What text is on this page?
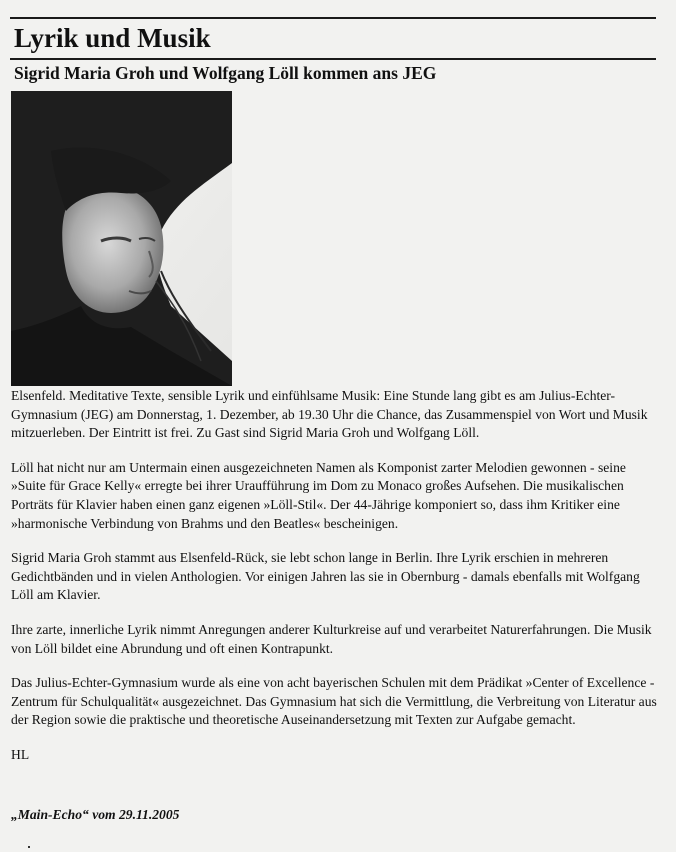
Lyrik und Musik
Sigrid Maria Groh und Wolfgang Löll kommen ans JEG

Elsenfeld. Meditative Texte, sensible Lyrik und einfühlsame Musik: Eine Stunde lang gibt es am Julius-Echter-Gymnasium (JEG) am Donnerstag, 1. Dezember, ab 19.30 Uhr die Chance, das Zusammenspiel von Wort und Musik mitzuerleben. Der Eintritt ist frei. Zu Gast sind Sigrid Maria Groh und Wolfgang Löll.

Löll hat nicht nur am Untermain einen ausgezeichneten Namen als Komponist zarter Melodien gewonnen - seine »Suite für Grace Kelly« erregte bei ihrer Uraufführung im Dom zu Monaco großes Aufsehen. Die musikalischen Porträts für Klavier haben einen ganz eigenen »Löll-Stil«. Der 44-Jährige komponiert so, dass ihm Kritiker eine »harmonische Verbindung von Brahms und den Beatles« bescheinigen.

Sigrid Maria Groh stammt aus Elsenfeld-Rück, sie lebt schon lange in Berlin. Ihre Lyrik erschien in mehreren Gedichtbänden und in vielen Anthologien. Vor einigen Jahren las sie in Obernburg - damals ebenfalls mit Wolfgang Löll am Klavier.

Ihre zarte, innerliche Lyrik nimmt Anregungen anderer Kulturkreise auf und verarbeitet Naturerfahrungen. Die Musik von Löll bildet eine Abrundung und oft einen Kontrapunkt.

Das Julius-Echter-Gymnasium wurde als eine von acht bayerischen Schulen mit dem Prädikat »Center of Excellence - Zentrum für Schulqualität« ausgezeichnet. Das Gymnasium hat sich die Vermittlung, die Verbreitung von Literatur aus der Region sowie die praktische und theoretische Auseinandersetzung mit Texten zur Aufgabe gemacht.

HL

„Main-Echo“ vom 29.11.2005
